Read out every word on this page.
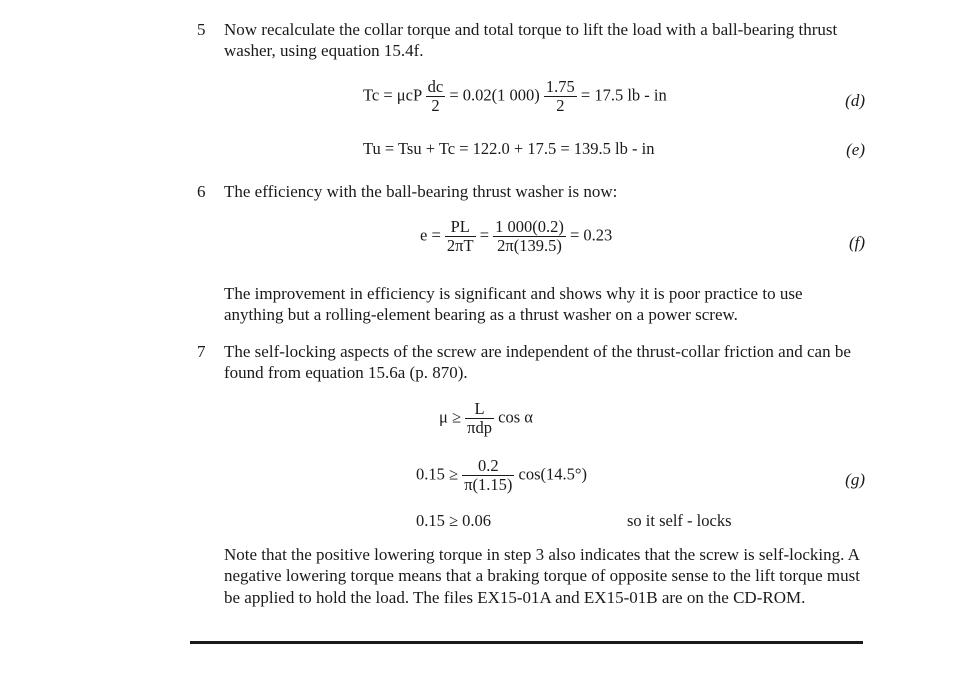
5 Now recalculate the collar torque and total torque to lift the load with a ball-bearing thrust washer, using equation 15.4f.
Tc = μcP $\frac{dc}{2} = 0.02(1$ $000) \frac{1.75}{2} = 17.5$ lb - in	(d)
Tu = Tsu + Tc = 122.0 + 17.5 = 139.5 lb - in	(e)
6 The efficiency with the ball-bearing thrust washer is now:
$e = \frac{PL}{2\pi T} = \frac{1 000(0.2)}{2\pi(139.5)} = 0.23$	(f)
The improvement in efficiency is significant and shows why it is poor practice to use anything but a rolling-element bearing as a thrust washer on a power screw.
7 The self-locking aspects of the screw are independent of the thrust-collar friction and can be found from equation 15.6a (p. 870).
$\mu \ge \frac{L}{\text{πdp}}$ cos α
$0.15 \ge \frac{0.2}{\pi(1.15)} \cos(14.5^\circ)$	(g)
0.15 ≥ 0.06	so it self - locks
Note that the positive lowering torque in step 3 also indicates that the screw is self-locking. A negative lowering torque means that a braking torque of opposite sense to the lift torque must be applied to hold the load. The files EX15-01A and EX15-01B are on the CD-ROM.
